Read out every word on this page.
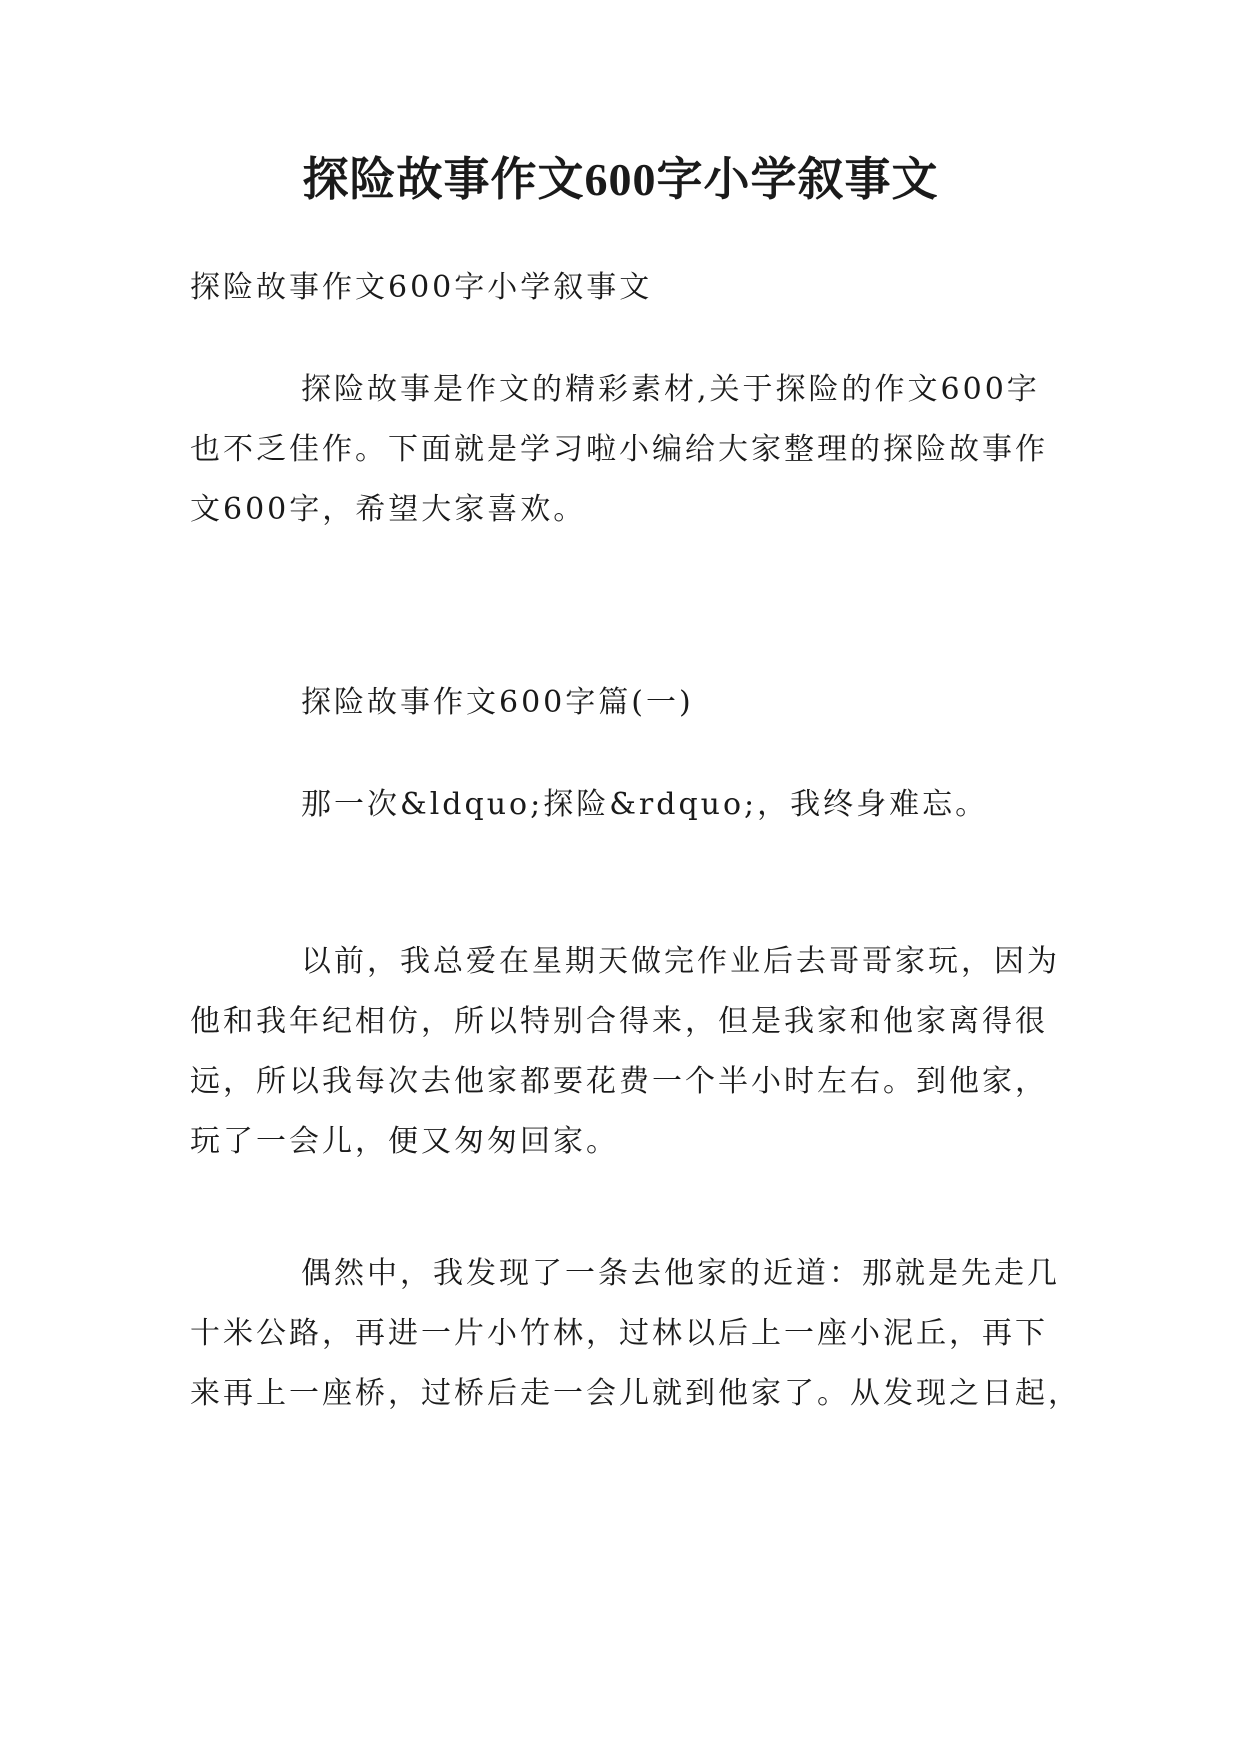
探险故事作文600字小学叙事文

探险故事作文600字小学叙事文

探险故事是作文的精彩素材,关于探险的作文600字
也不乏佳作。下面就是学习啦小编给大家整理的探险故事作
文600字，希望大家喜欢。

探险故事作文600字篇(一)

那一次&ldquo;探险&rdquo;，我终身难忘。

以前，我总爱在星期天做完作业后去哥哥家玩，因为
他和我年纪相仿，所以特别合得来，但是我家和他家离得很
远，所以我每次去他家都要花费一个半小时左右。到他家，
玩了一会儿，便又匆匆回家。

偶然中，我发现了一条去他家的近道：那就是先走几
十米公路，再进一片小竹林，过林以后上一座小泥丘，再下
来再上一座桥，过桥后走一会儿就到他家了。从发现之日起，
